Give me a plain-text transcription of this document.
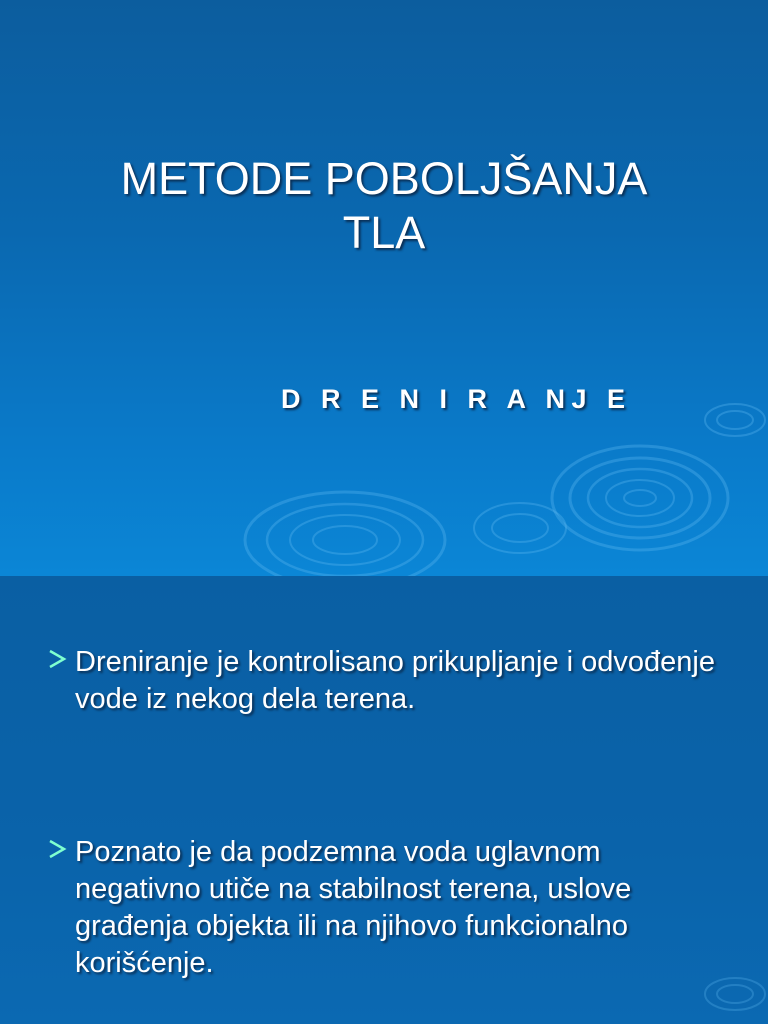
METODE POBOLJŠANJA
TLA
D R E N I R A NJ E
Dreniranje je kontrolisano prikupljanje i odvođenje vode iz nekog dela terena.
Poznato je da podzemna voda uglavnom negativno utiče na stabilnost terena, uslove građenja objekta ili na njihovo funkcionalno korišćenje.
